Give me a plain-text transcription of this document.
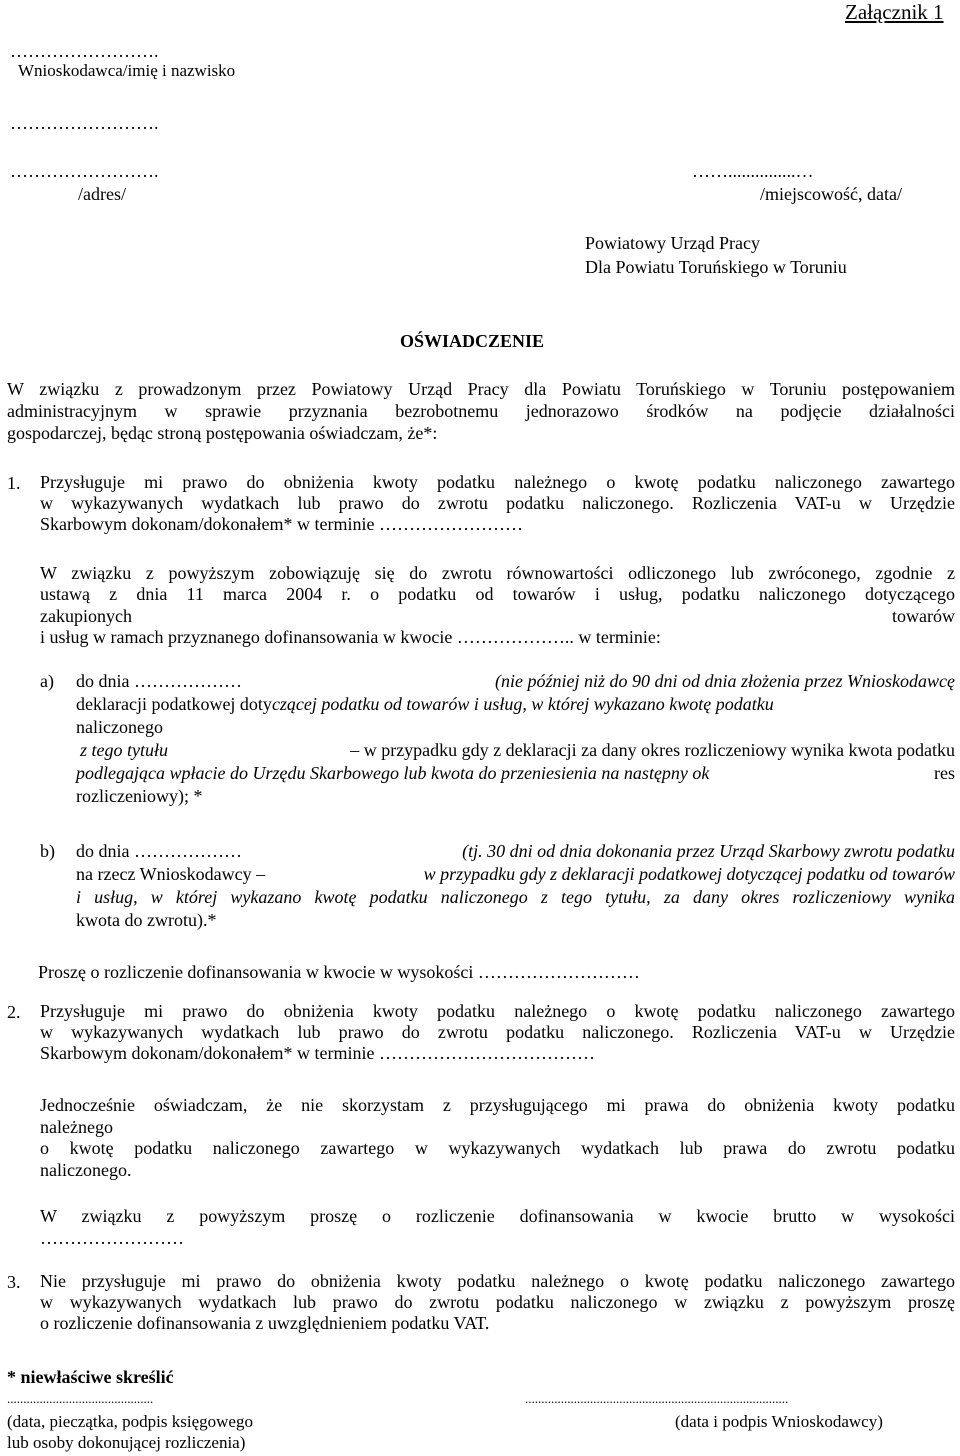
Załącznik 1
…………………….
Wnioskodawca/imię i nazwisko
…………………….
…………………….
/adres/
……...............…
/miejscowość, data/
Powiatowy Urząd Pracy
Dla Powiatu Toruńskiego w Toruniu
OŚWIADCZENIE
W związku z prowadzonym przez Powiatowy Urząd Pracy dla Powiatu Toruńskiego w Toruniu postępowaniem
administracyjnym w sprawie przyznania bezrobotnemu jednorazowo środków na podjęcie działalności
gospodarczej, będąc stroną postępowania oświadczam, że*:
1. Przysługuje mi prawo do obniżenia kwoty podatku należnego o kwotę podatku naliczonego zawartego
w wykazywanych wydatkach lub prawo do zwrotu podatku naliczonego. Rozliczenia VAT-u w Urzędzie
Skarbowym dokonam/dokonałem* w terminie ……………………
W związku z powyższym zobowiązuję się do zwrotu równowartości odliczonego lub zwróconego, zgodnie z
ustawą z dnia 11 marca 2004 r. o podatku od towarów i usług, podatku naliczonego dotyczącego
zakupionych	towarów
i usług w ramach przyznanego dofinansowania w kwocie ……………….. w terminie:
a) do dnia ………………	(nie później niż do 90 dni od dnia złożenia przez Wnioskodawcę
deklaracji podatkowej dotyczącej podatku od towarów i usług, w której wykazano kwotę podatku
naliczonego
z tego tytułu	– w przypadku gdy z deklaracji za dany okres rozliczeniowy wynika kwota podatku
podlegająca wpłacie do Urzędu Skarbowego lub kwota do przeniesienia na następny ok	res
rozliczeniowy); *
b) do dnia ………………	(tj. 30 dni od dnia dokonania przez Urząd Skarbowy zwrotu podatku
na rzecz Wnioskodawcy –	w przypadku gdy z deklaracji podatkowej dotyczącej podatku od towarów
i usług, w której wykazano kwotę podatku naliczonego z tego tytułu, za dany okres rozliczeniowy wynika
kwota do zwrotu).*
Proszę o rozliczenie dofinansowania w kwocie w wysokości ………………………
2. Przysługuje mi prawo do obniżenia kwoty podatku należnego o kwotę podatku naliczonego zawartego
w wykazywanych wydatkach lub prawo do zwrotu podatku naliczonego. Rozliczenia VAT-u w Urzędzie
Skarbowym dokonam/dokonałem* w terminie ………………………………
Jednocześnie oświadczam, że nie skorzystam z przysługującego mi prawa do obniżenia kwoty podatku
należnego
o kwotę podatku naliczonego zawartego w wykazywanych wydatkach lub prawa do zwrotu podatku
naliczonego.
W związku z powyższym proszę o rozliczenie dofinansowania w kwocie brutto w wysokości
……………………
3. Nie przysługuje mi prawo do obniżenia kwoty podatku należnego o kwotę podatku naliczonego zawartego
w wykazywanych wydatkach lub prawo do zwrotu podatku naliczonego w związku z powyższym proszę
o rozliczenie dofinansowania z uwzględnieniem podatku VAT.
* niewłaściwe skreślić
.............................................	.................................................................................
(data, pieczątka, podpis księgowego
lub osoby dokonującej rozliczenia)
(data i podpis Wnioskodawcy)
